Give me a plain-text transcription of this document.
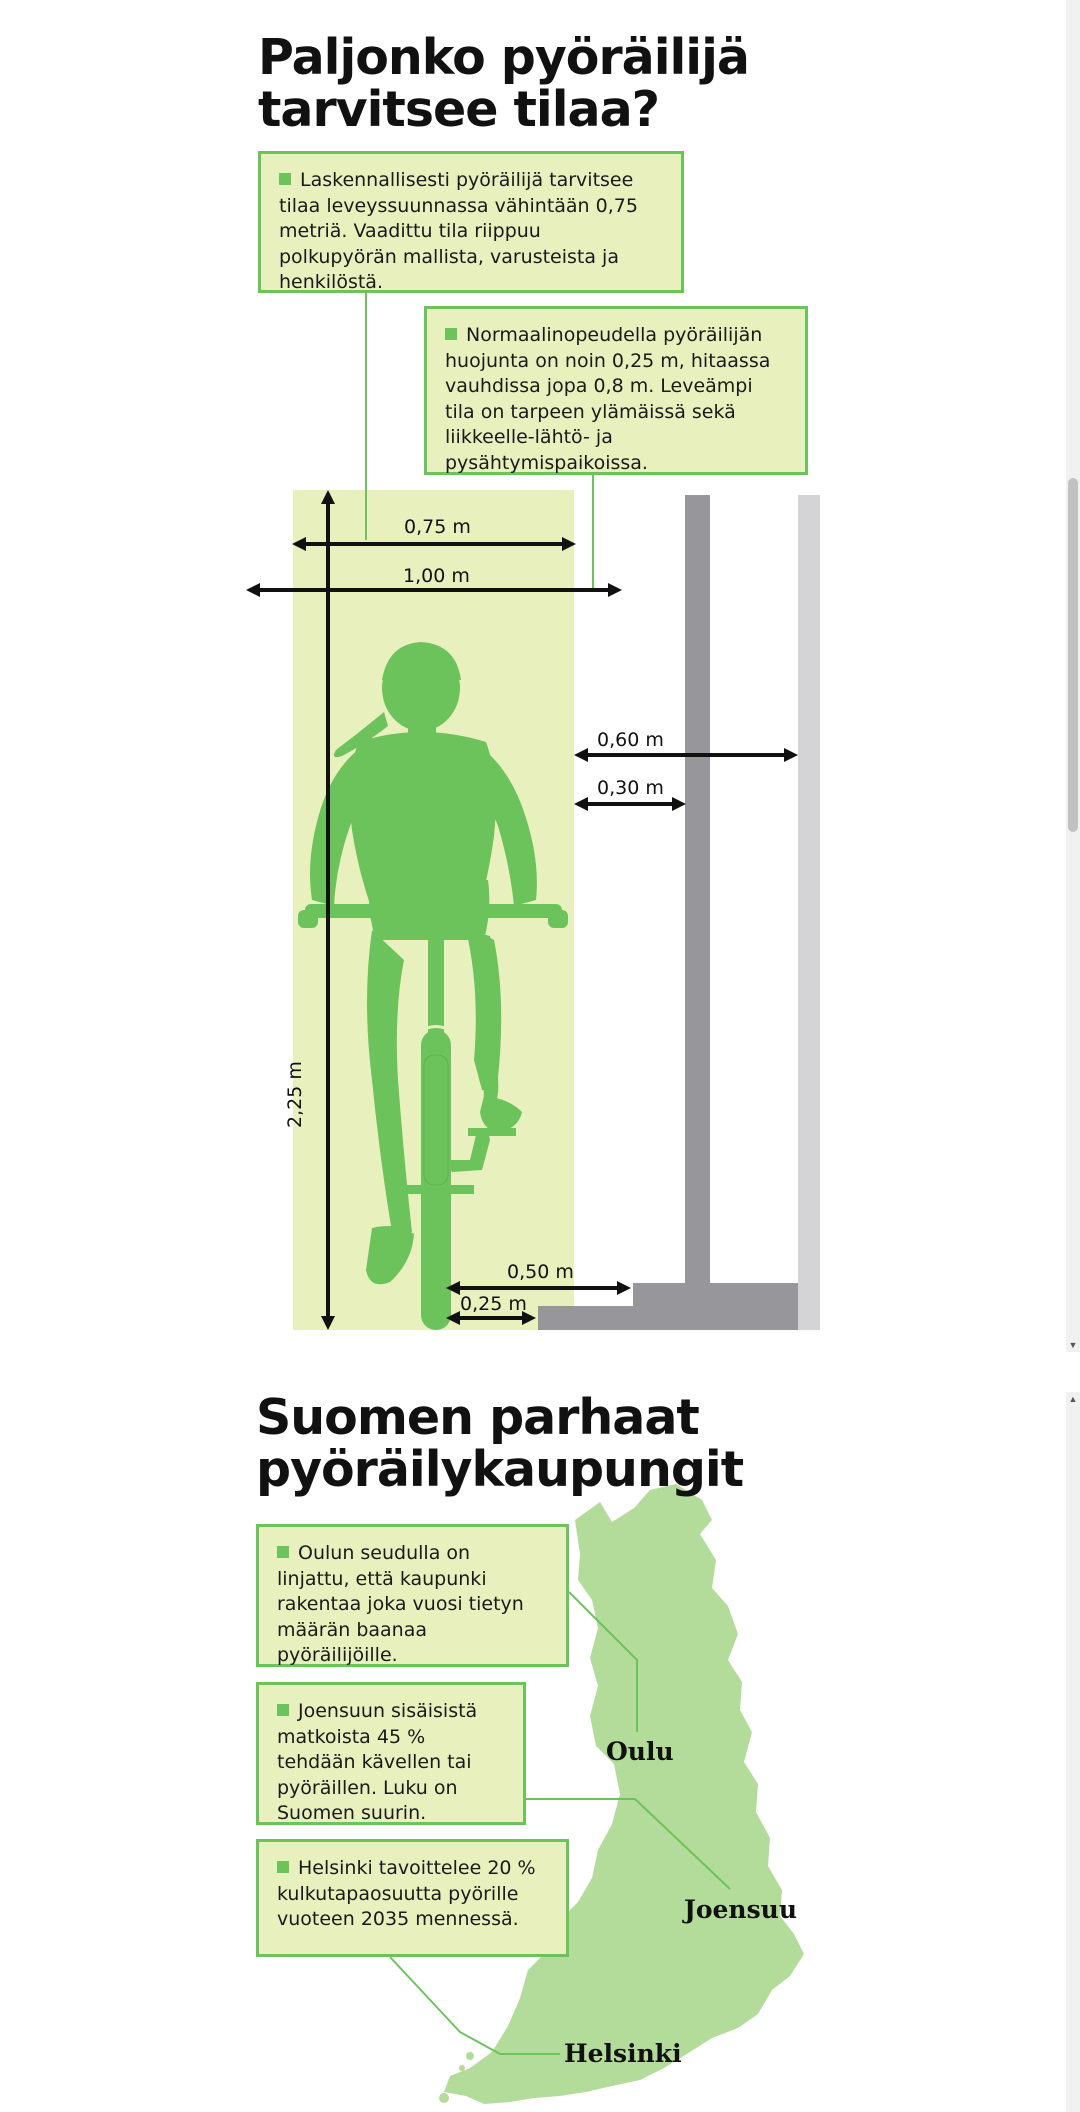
Paljonko pyöräilijä
tarvitsee tilaa?
Laskennallisesti pyöräilijä tarvitsee tilaa leveyssuunnassa vähintään 0,75 metriä. Vaadittu tila riippuu polkupyörän mallista, varusteista ja henkilöstä.
Normaalinopeudella pyöräilijän huojunta on noin 0,25 m, hitaassa vauhdissa jopa 0,8 m. Leveämpi tila on tarpeen ylämäissä sekä liikkeelle-lähtö- ja pysähtymispaikoissa.
0,75 m
1,00 m
2,25 m
0,60 m
0,30 m
0,50 m
0,25 m
▼
Suomen parhaat
pyöräilykaupungit
Oulun seudulla on linjattu, että kaupunki rakentaa joka vuosi tietyn määrän baanaa pyöräilijöille.
Joensuun sisäisistä matkoista 45 % tehdään kävellen tai pyöräillen. Luku on Suomen suurin.
Helsinki tavoittelee 20 % kulkutapaosuutta pyörille vuoteen 2035 mennessä.
Oulu
Joensuu
Helsinki
▲
